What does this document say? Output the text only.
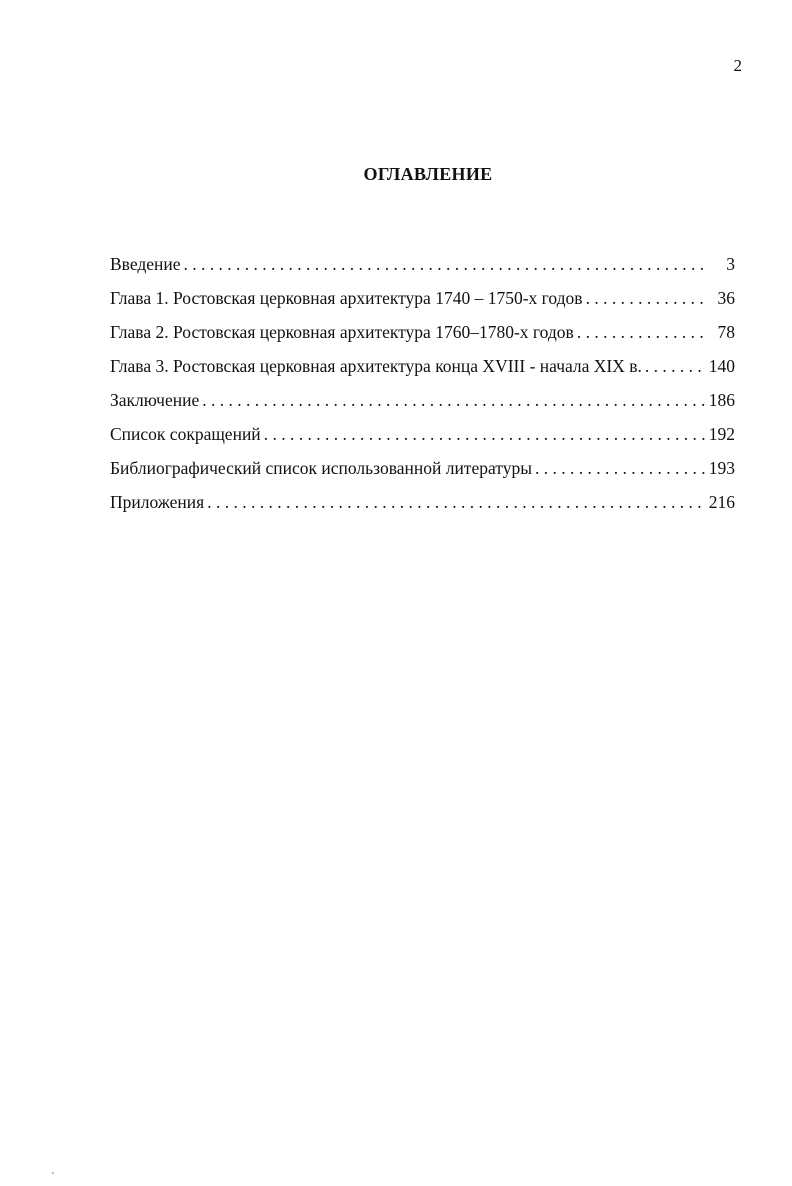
2
ОГЛАВЛЕНИЕ
Введение . . .	3
Глава 1. Ростовская церковная архитектура 1740 – 1750-х годов . . .	36
Глава 2. Ростовская церковная архитектура 1760–1780-х годов . . .	78
Глава 3. Ростовская церковная архитектура конца XVIII - начала XIX в. . . .	140
Заключение . . .	186
Список сокращений . . .	192
Библиографический список использованной литературы . . .	193
Приложения . . .	216
